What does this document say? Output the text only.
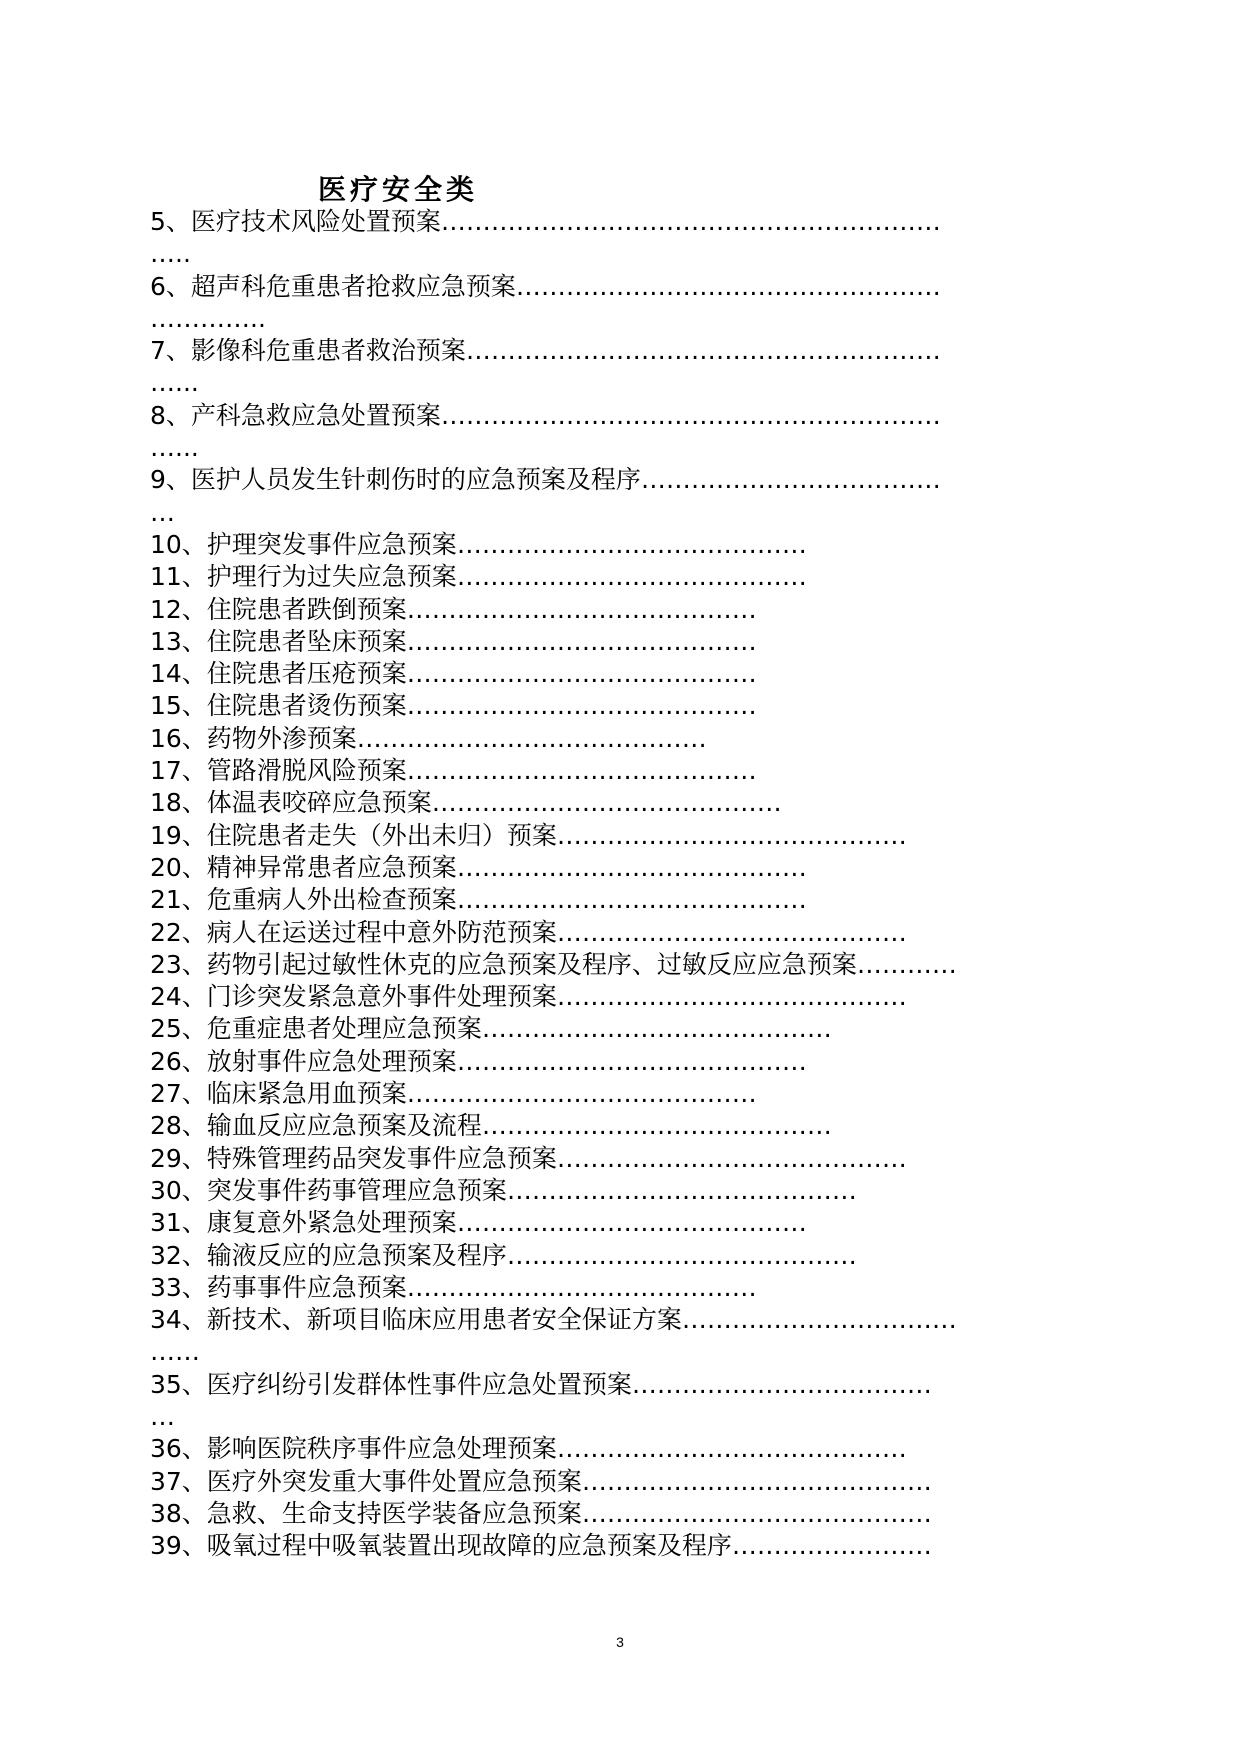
医疗安全类
5、医疗技术风险处置预案……………………………………………………
…..
6、超声科危重患者抢救应急预案……………………………………………
…………..
7、影像科危重患者救治预案…………………………………………………
…...
8、产科急救应急处置预案……………………………………………………
…...
9、医护人员发生针刺伤时的应急预案及程序………………………………
…
10、护理突发事件应急预案……………………………………
11、护理行为过失应急预案……………………………………
12、住院患者跌倒预案……………………………………
13、住院患者坠床预案……………………………………
14、住院患者压疮预案……………………………………
15、住院患者烫伤预案……………………………………
16、药物外渗预案……………………………………
17、管路滑脱风险预案……………………………………
18、体温表咬碎应急预案……………………………………
19、住院患者走失（外出未归）预案……………………………………
20、精神异常患者应急预案……………………………………
21、危重病人外出检查预案……………………………………
22、病人在运送过程中意外防范预案……………………………………
23、药物引起过敏性休克的应急预案及程序、过敏反应应急预案…………
24、门诊突发紧急意外事件处理预案……………………………………
25、危重症患者处理应急预案……………………………………
26、放射事件应急处理预案……………………………………
27、临床紧急用血预案……………………………………
28、输血反应应急预案及流程……………………………………
29、特殊管理药品突发事件应急预案……………………………………
30、突发事件药事管理应急预案……………………………………
31、康复意外紧急处理预案……………………………………
32、输液反应的应急预案及程序……………………………………
33、药事事件应急预案……………………………………
34、新技术、新项目临床应用患者安全保证方案……………………………
……
35、医疗纠纷引发群体性事件应急处置预案………………………………
…
36、影响医院秩序事件应急处理预案……………………………………
37、医疗外突发重大事件处置应急预案……………………………………
38、急救、生命支持医学装备应急预案……………………………………
39、吸氧过程中吸氧装置出现故障的应急预案及程序……………………
3
